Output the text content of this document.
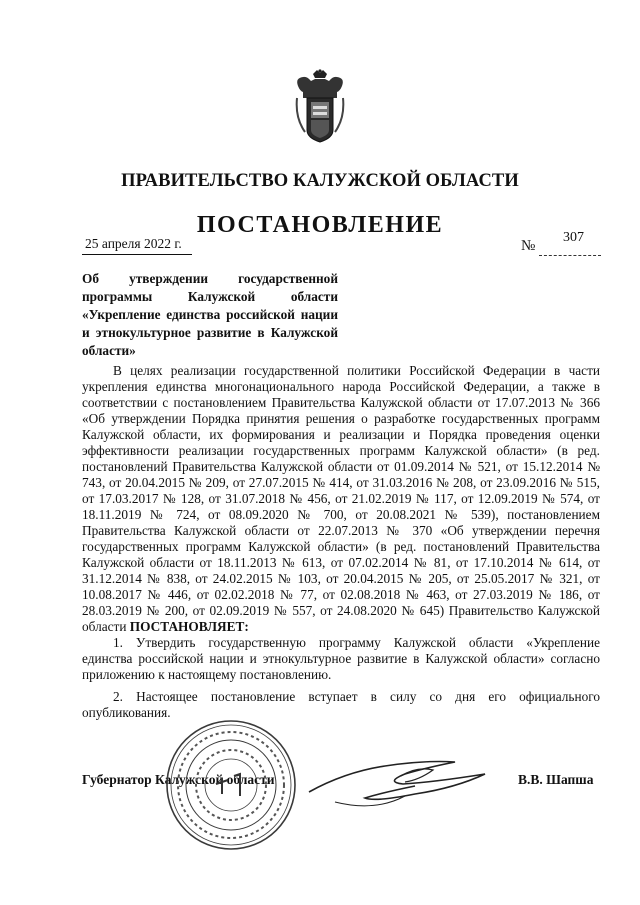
ПРАВИТЕЛЬСТВО КАЛУЖСКОЙ ОБЛАСТИ
ПОСТАНОВЛЕНИЕ
25 апреля 2022 г.	№
307
Об утверждении государственной
программы Калужской области
«Укрепление единства российской нации
и этнокультурное развитие в Калужской
области»
В целях реализации государственной политики Российской Федерации в части
укрепления единства многонационального народа Российской Федерации, а также в
соответствии с постановлением Правительства Калужской области от 17.07.2013 № 366
«Об утверждении Порядка принятия решения о разработке государственных программ
Калужской области, их формирования и реализации и Порядка проведения оценки
эффективности реализации государственных программ Калужской области» (в ред.
постановлений Правительства Калужской области от 01.09.2014 № 521, от 15.12.2014 №
743, от 20.04.2015 № 209, от 27.07.2015 № 414, от 31.03.2016 № 208, от 23.09.2016 № 515,
от 17.03.2017 № 128, от 31.07.2018 № 456, от 21.02.2019 № 117, от 12.09.2019 № 574, от
18.11.2019 № 724, от 08.09.2020 № 700, от 20.08.2021 № 539), постановлением
Правительства Калужской области от 22.07.2013 № 370 «Об утверждении перечня
государственных программ Калужской области» (в ред. постановлений Правительства
Калужской области от 18.11.2013 № 613, от 07.02.2014 № 81, от 17.10.2014 № 614, от
31.12.2014 № 838, от 24.02.2015 № 103, от 20.04.2015 № 205, от 25.05.2017 № 321, от
10.08.2017 № 446, от 02.02.2018 № 77, от 02.08.2018 № 463, от 27.03.2019 № 186, от
28.03.2019 № 200, от 02.09.2019 № 557, от 24.08.2020 № 645) Правительство Калужской
области ПОСТАНОВЛЯЕТ:
1. Утвердить государственную программу Калужской области «Укрепление
единства российской нации и этнокультурное развитие в Калужской области» согласно
приложению к настоящему постановлению.
2. Настоящее постановление вступает в силу со дня его официального
опубликования.
Губернатор Калужской области	В.В. Шапша
